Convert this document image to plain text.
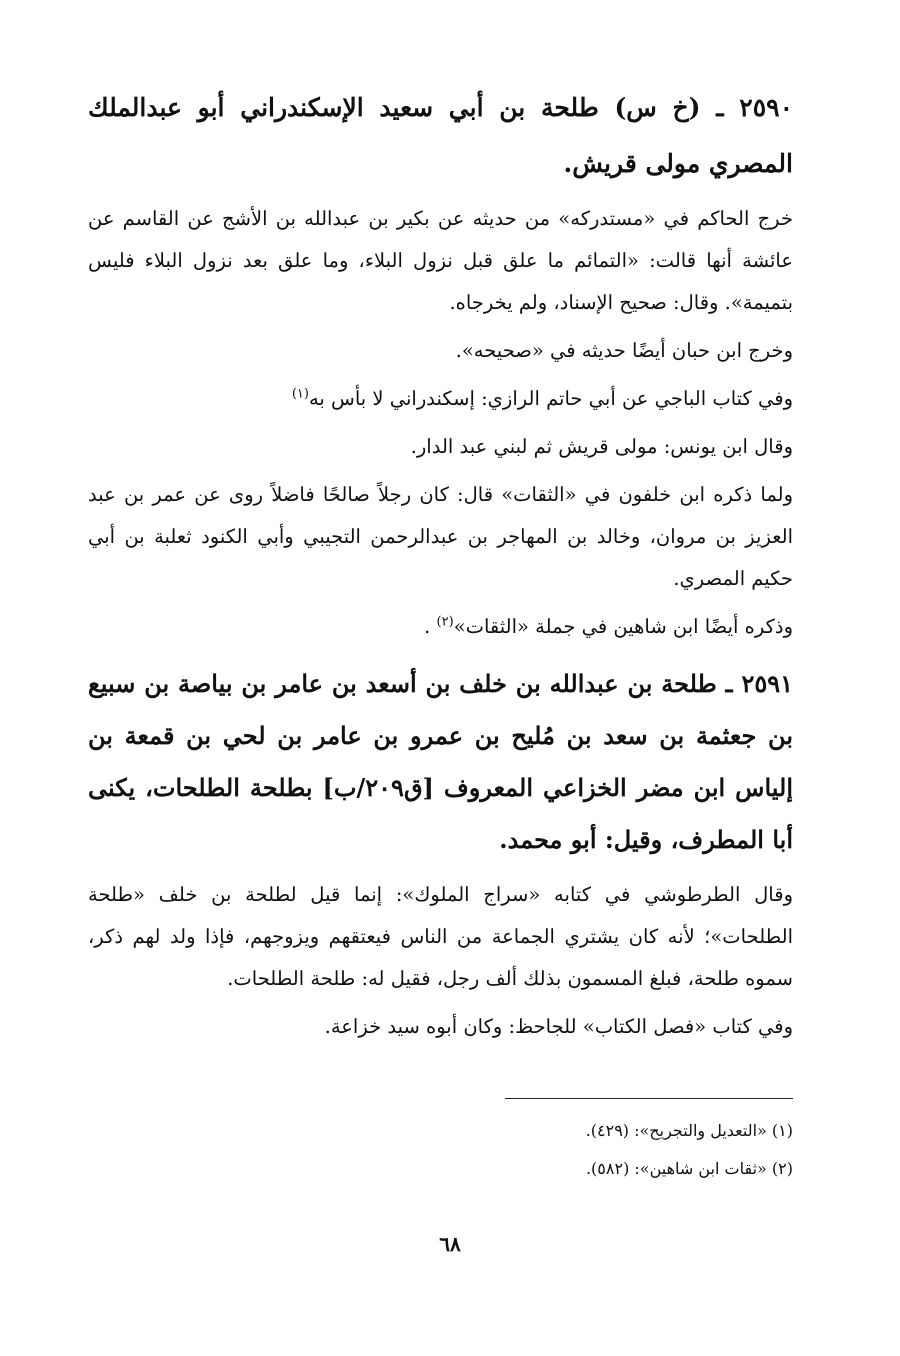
٢٥٩٠ ـ (خ س) طلحة بن أبي سعيد الإسكندراني أبو عبدالملك المصري مولى قريش.
خرج الحاكم في «مستدركه» من حديثه عن بكير بن عبدالله بن الأشج عن القاسم عن عائشة أنها قالت: «التمائم ما علق قبل نزول البلاء، وما علق بعد نزول البلاء فليس بتميمة». وقال: صحيح الإسناد، ولم يخرجاه.
وخرج ابن حبان أيضًا حديثه في «صحيحه».
وفي كتاب الباجي عن أبي حاتم الرازي: إسكندراني لا بأس به$^{(١)}$
وقال ابن يونس: مولى قريش ثم لبني عبد الدار.
ولما ذكره ابن خلفون في «الثقات» قال: كان رجلاً صالحًا فاضلاً روى عن عمر بن عبد العزيز بن مروان، وخالد بن المهاجر بن عبدالرحمن التجيبي وأبي الكنود ثعلبة بن أبي حكيم المصري.
وذكره أيضًا ابن شاهين في جملة «الثقات»$^{(٢)}$ .
٢٥٩١ ـ طلحة بن عبدالله بن خلف بن أسعد بن عامر بن بياصة بن سبيع بن جعثمة بن سعد بن مُليح بن عمرو بن عامر بن لحي بن قمعة بن إلياس ابن مضر الخزاعي المعروف [ق٢٠٩/ب] بطلحة الطلحات، يكنى أبا المطرف، وقيل: أبو محمد.
وقال الطرطوشي في كتابه «سراج الملوك»: إنما قيل لطلحة بن خلف «طلحة الطلحات»؛ لأنه كان يشتري الجماعة من الناس فيعتقهم ويزوجهم، فإذا ولد لهم ذكر، سموه طلحة، فبلغ المسمون بذلك ألف رجل، فقيل له: طلحة الطلحات.
وفي كتاب «فصل الكتاب» للجاحظ: وكان أبوه سيد خزاعة.
(١) «التعديل والتجريح»: (٤٢٩).
(٢) «ثقات ابن شاهين»: (٥٨٢).
٦٨
